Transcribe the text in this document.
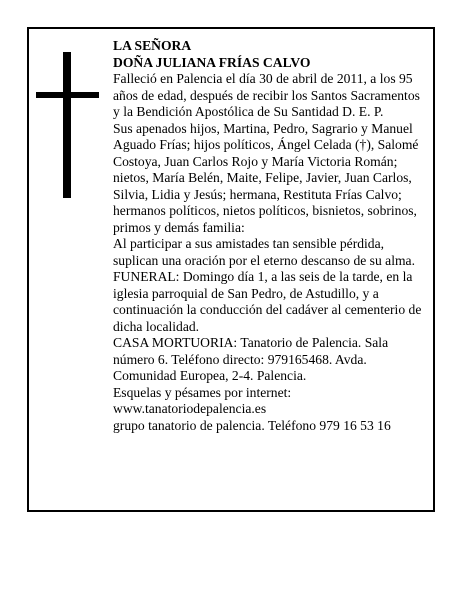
LA SEÑORA

DOÑA JULIANA FRÍAS CALVO

Falleció en Palencia el día 30 de abril de 2011, a los 95 años de edad, después de recibir los Santos Sacramentos y la Bendición Apostólica de Su Santidad D. E. P.

Sus apenados hijos, Martina, Pedro, Sagrario y Manuel Aguado Frías; hijos políticos, Ángel Celada (†), Salomé Costoya, Juan Carlos Rojo y María Victoria Román; nietos, María Belén, Maite, Felipe, Javier, Juan Carlos, Silvia, Lidia y Jesús; hermana, Restituta Frías Calvo; hermanos políticos, nietos políticos, bisnietos, sobrinos, primos y demás familia:

Al participar a sus amistades tan sensible pérdida, suplican una oración por el eterno descanso de su alma.

FUNERAL: Domingo día 1, a las seis de la tarde, en la iglesia parroquial de San Pedro, de Astudillo, y a continuación la conducción del cadáver al cementerio de dicha localidad.

CASA MORTUORIA: Tanatorio de Palencia. Sala número 6. Teléfono directo: 979165468. Avda. Comunidad Europea, 2-4. Palencia.

Esquelas y pésames por internet:

www.tanatoriodepalencia.es

grupo tanatorio de palencia. Teléfono 979 16 53 16
